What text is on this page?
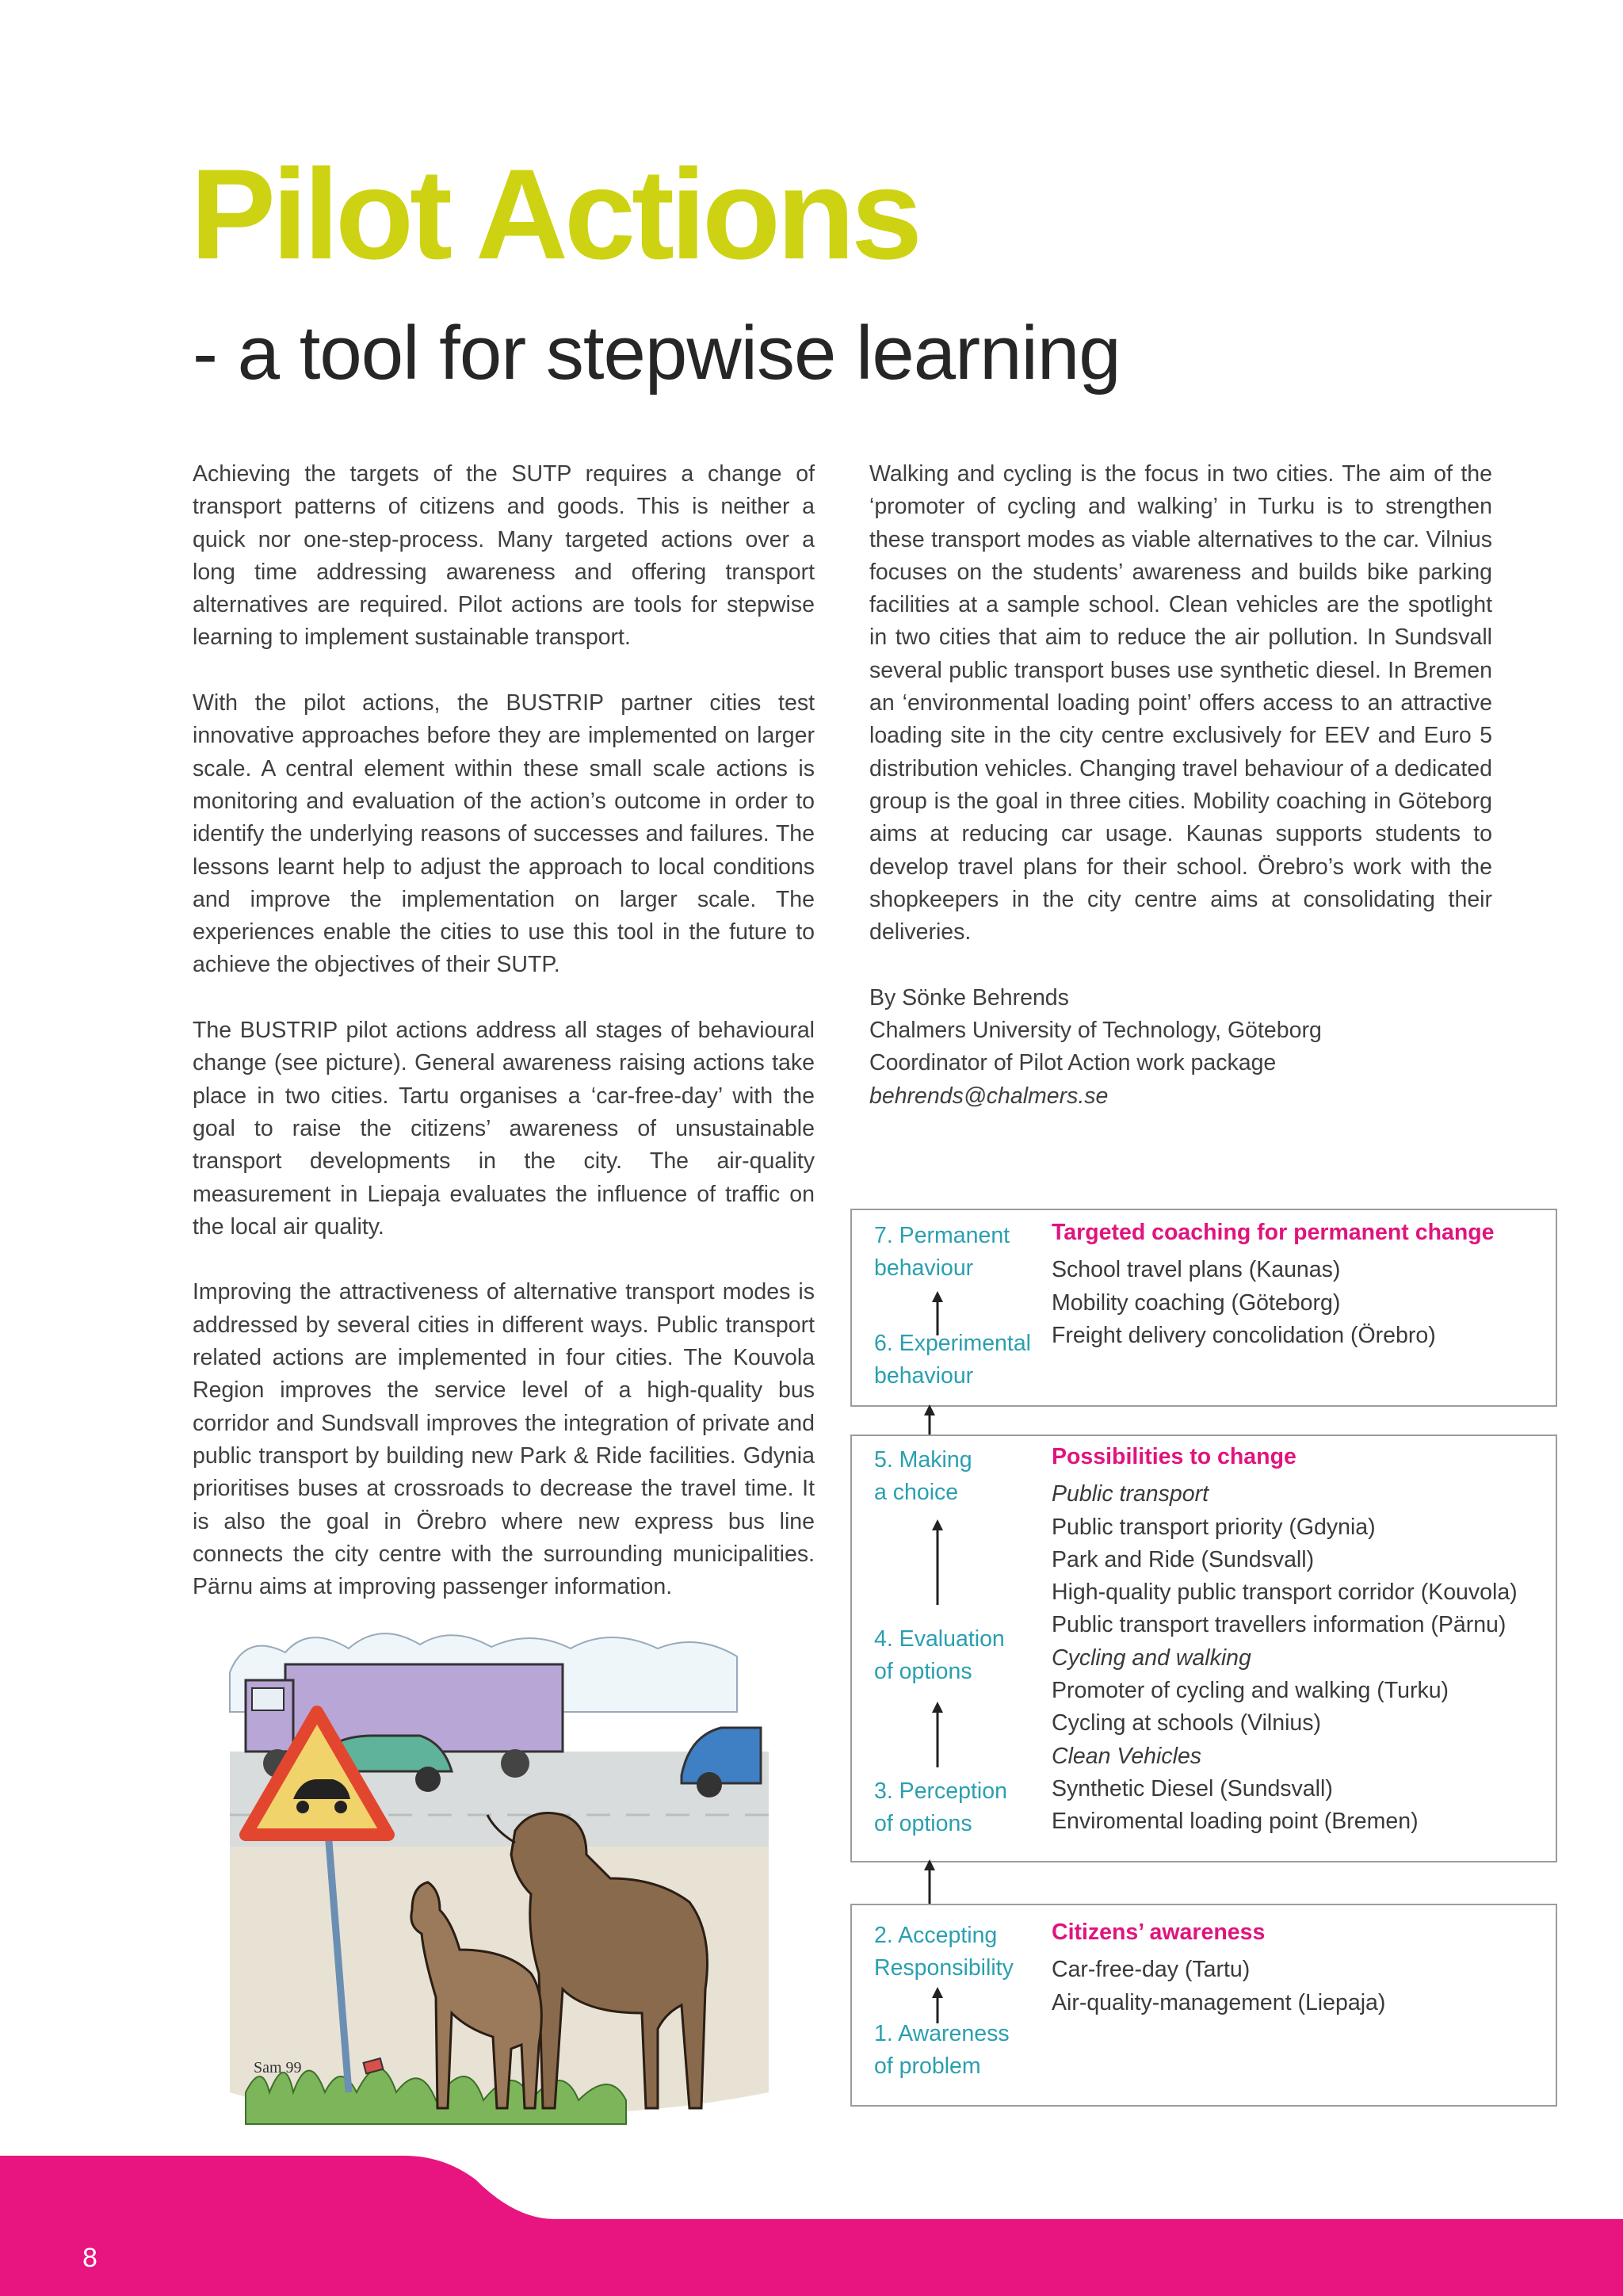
Pilot Actions
- a tool for stepwise learning

Achieving the targets of the SUTP requires a change of transport patterns of citizens and goods. This is neither a quick nor one-step-process. Many targeted actions over a long time addressing awareness and offering transport alternatives are required. Pilot actions are tools for stepwise learning to implement sustainable transport.

With the pilot actions, the BUSTRIP partner cities test innovative approaches before they are implemented on larger scale. A central element within these small scale actions is monitoring and evaluation of the action’s outcome in order to identify the underlying reasons of successes and failures. The lessons learnt help to adjust the approach to local conditions and improve the implementation on larger scale. The experiences enable the cities to use this tool in the future to achieve the objectives of their SUTP.

The BUSTRIP pilot actions address all stages of behavioural change (see picture). General awareness raising actions take place in two cities. Tartu organises a ‘car-free-day’ with the goal to raise the citizens’ awareness of unsustainable transport developments in the city. The air-quality measurement in Liepaja evaluates the influence of traffic on the local air quality.

Improving the attractiveness of alternative transport modes is addressed by several cities in different ways. Public transport related actions are implemented in four cities. The Kouvola Region improves the service level of a high-quality bus corridor and Sundsvall improves the integration of private and public transport by building new Park & Ride facilities. Gdynia prioritises buses at crossroads to decrease the travel time. It is also the goal in Örebro where new express bus line connects the city centre with the surrounding municipalities. Pärnu aims at improving passenger information.

Walking and cycling is the focus in two cities. The aim of the ‘promoter of cycling and walking’ in Turku is to strengthen these transport modes as viable alternatives to the car. Vilnius focuses on the students’ awareness and builds bike parking facilities at a sample school. Clean vehicles are the spotlight in two cities that aim to reduce the air pollution. In Sundsvall several public transport buses use synthetic diesel. In Bremen an ‘environmental loading point’ offers access to an attractive loading site in the city centre exclusively for EEV and Euro 5 distribution vehicles. Changing travel behaviour of a dedicated group is the goal in three cities. Mobility coaching in Göteborg aims at reducing car usage. Kaunas supports students to develop travel plans for their school. Örebro’s work with the shopkeepers in the city centre aims at consolidating their deliveries.

By Sönke Behrends

Chalmers University of Technology, Göteborg

Coordinator of Pilot Action work package

behrends@chalmers.se

7. Permanent
behaviour
6. Experimental
behaviour
Targeted coaching for permanent change
School travel plans (Kaunas)
Mobility coaching (Göteborg)
Freight delivery concolidation (Örebro)
5. Making
a choice
4. Evaluation
of options
3. Perception
of options
Possibilities to change
Public transport
Public transport priority (Gdynia)
Park and Ride (Sundsvall)
High-quality public transport corridor (Kouvola)
Public transport travellers information (Pärnu)
Cycling and walking
Promoter of cycling and walking (Turku)
Cycling at schools (Vilnius)
Clean Vehicles
Synthetic Diesel (Sundsvall)
Enviromental loading point (Bremen)
2. Accepting
Responsibility
1. Awareness
of problem
Citizens’ awareness
Car-free-day (Tartu)
Air-quality-management (Liepaja)
Sam 99
8
